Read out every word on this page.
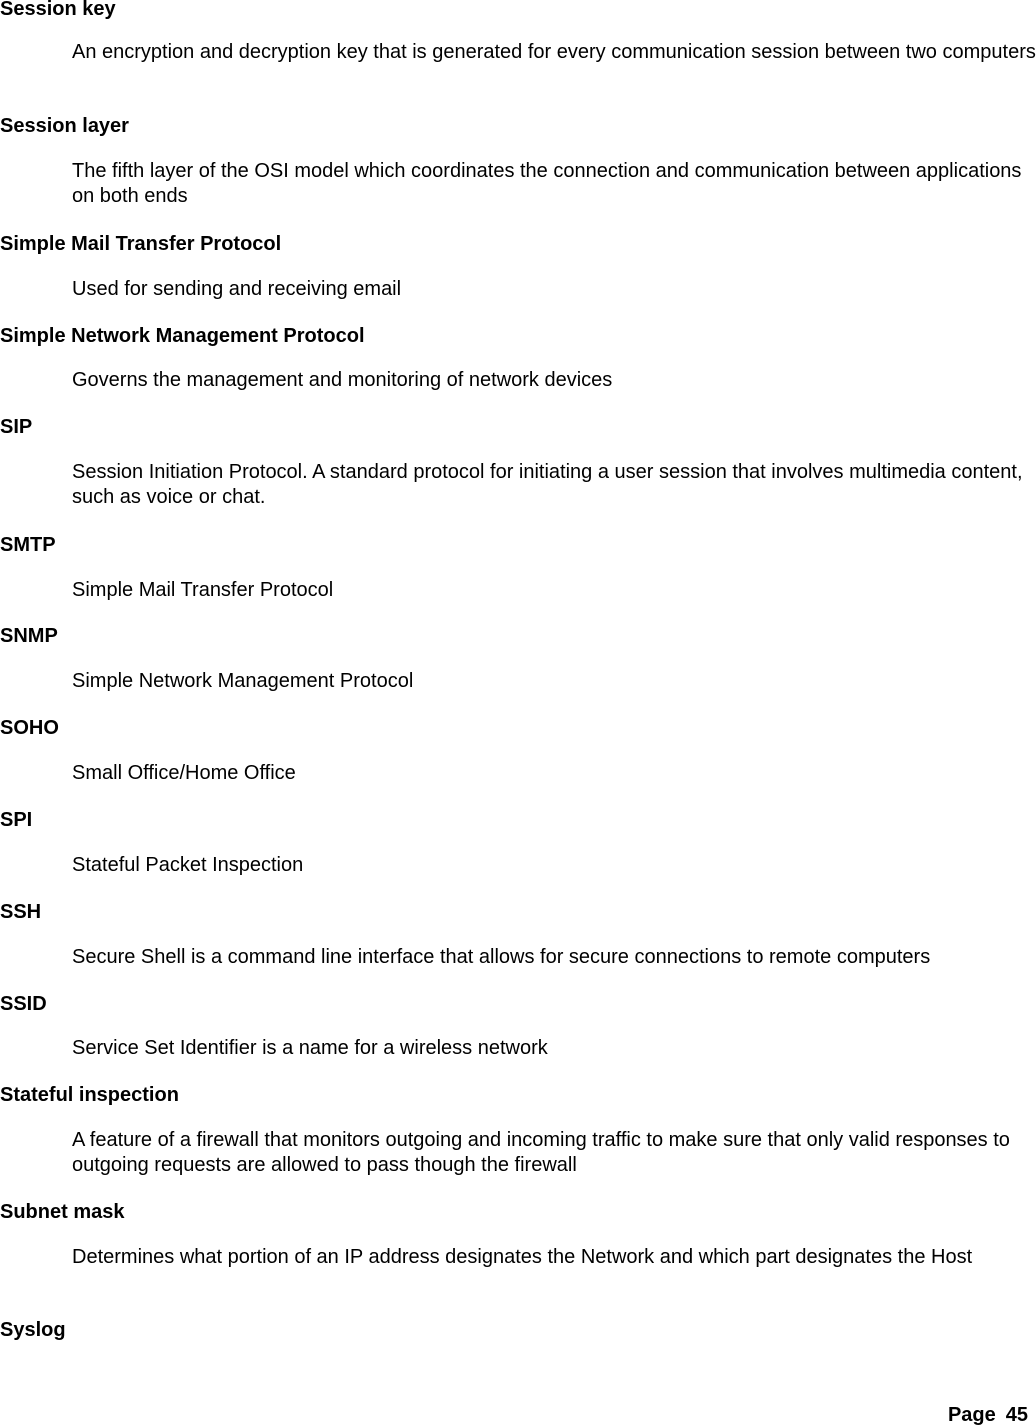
Session key
An encryption and decryption key that is generated for every communication session between two computers
Session layer
The fifth layer of the OSI model which coordinates the connection and communication between applications on both ends
Simple Mail Transfer Protocol
Used for sending and receiving email
Simple Network Management Protocol
Governs the management and monitoring of network devices
SIP
Session Initiation Protocol. A standard protocol for initiating a user session that involves multimedia content, such as voice or chat.
SMTP
Simple Mail Transfer Protocol
SNMP
Simple Network Management Protocol
SOHO
Small Office/Home Office
SPI
Stateful Packet Inspection
SSH
Secure Shell is a command line interface that allows for secure connections to remote computers
SSID
Service Set Identifier is a name for a wireless network
Stateful inspection
A feature of a firewall that monitors outgoing and incoming traffic to make sure that only valid responses to outgoing requests are allowed to pass though the firewall
Subnet mask
Determines what portion of an IP address designates the Network and which part designates the Host
Syslog
Page 45
